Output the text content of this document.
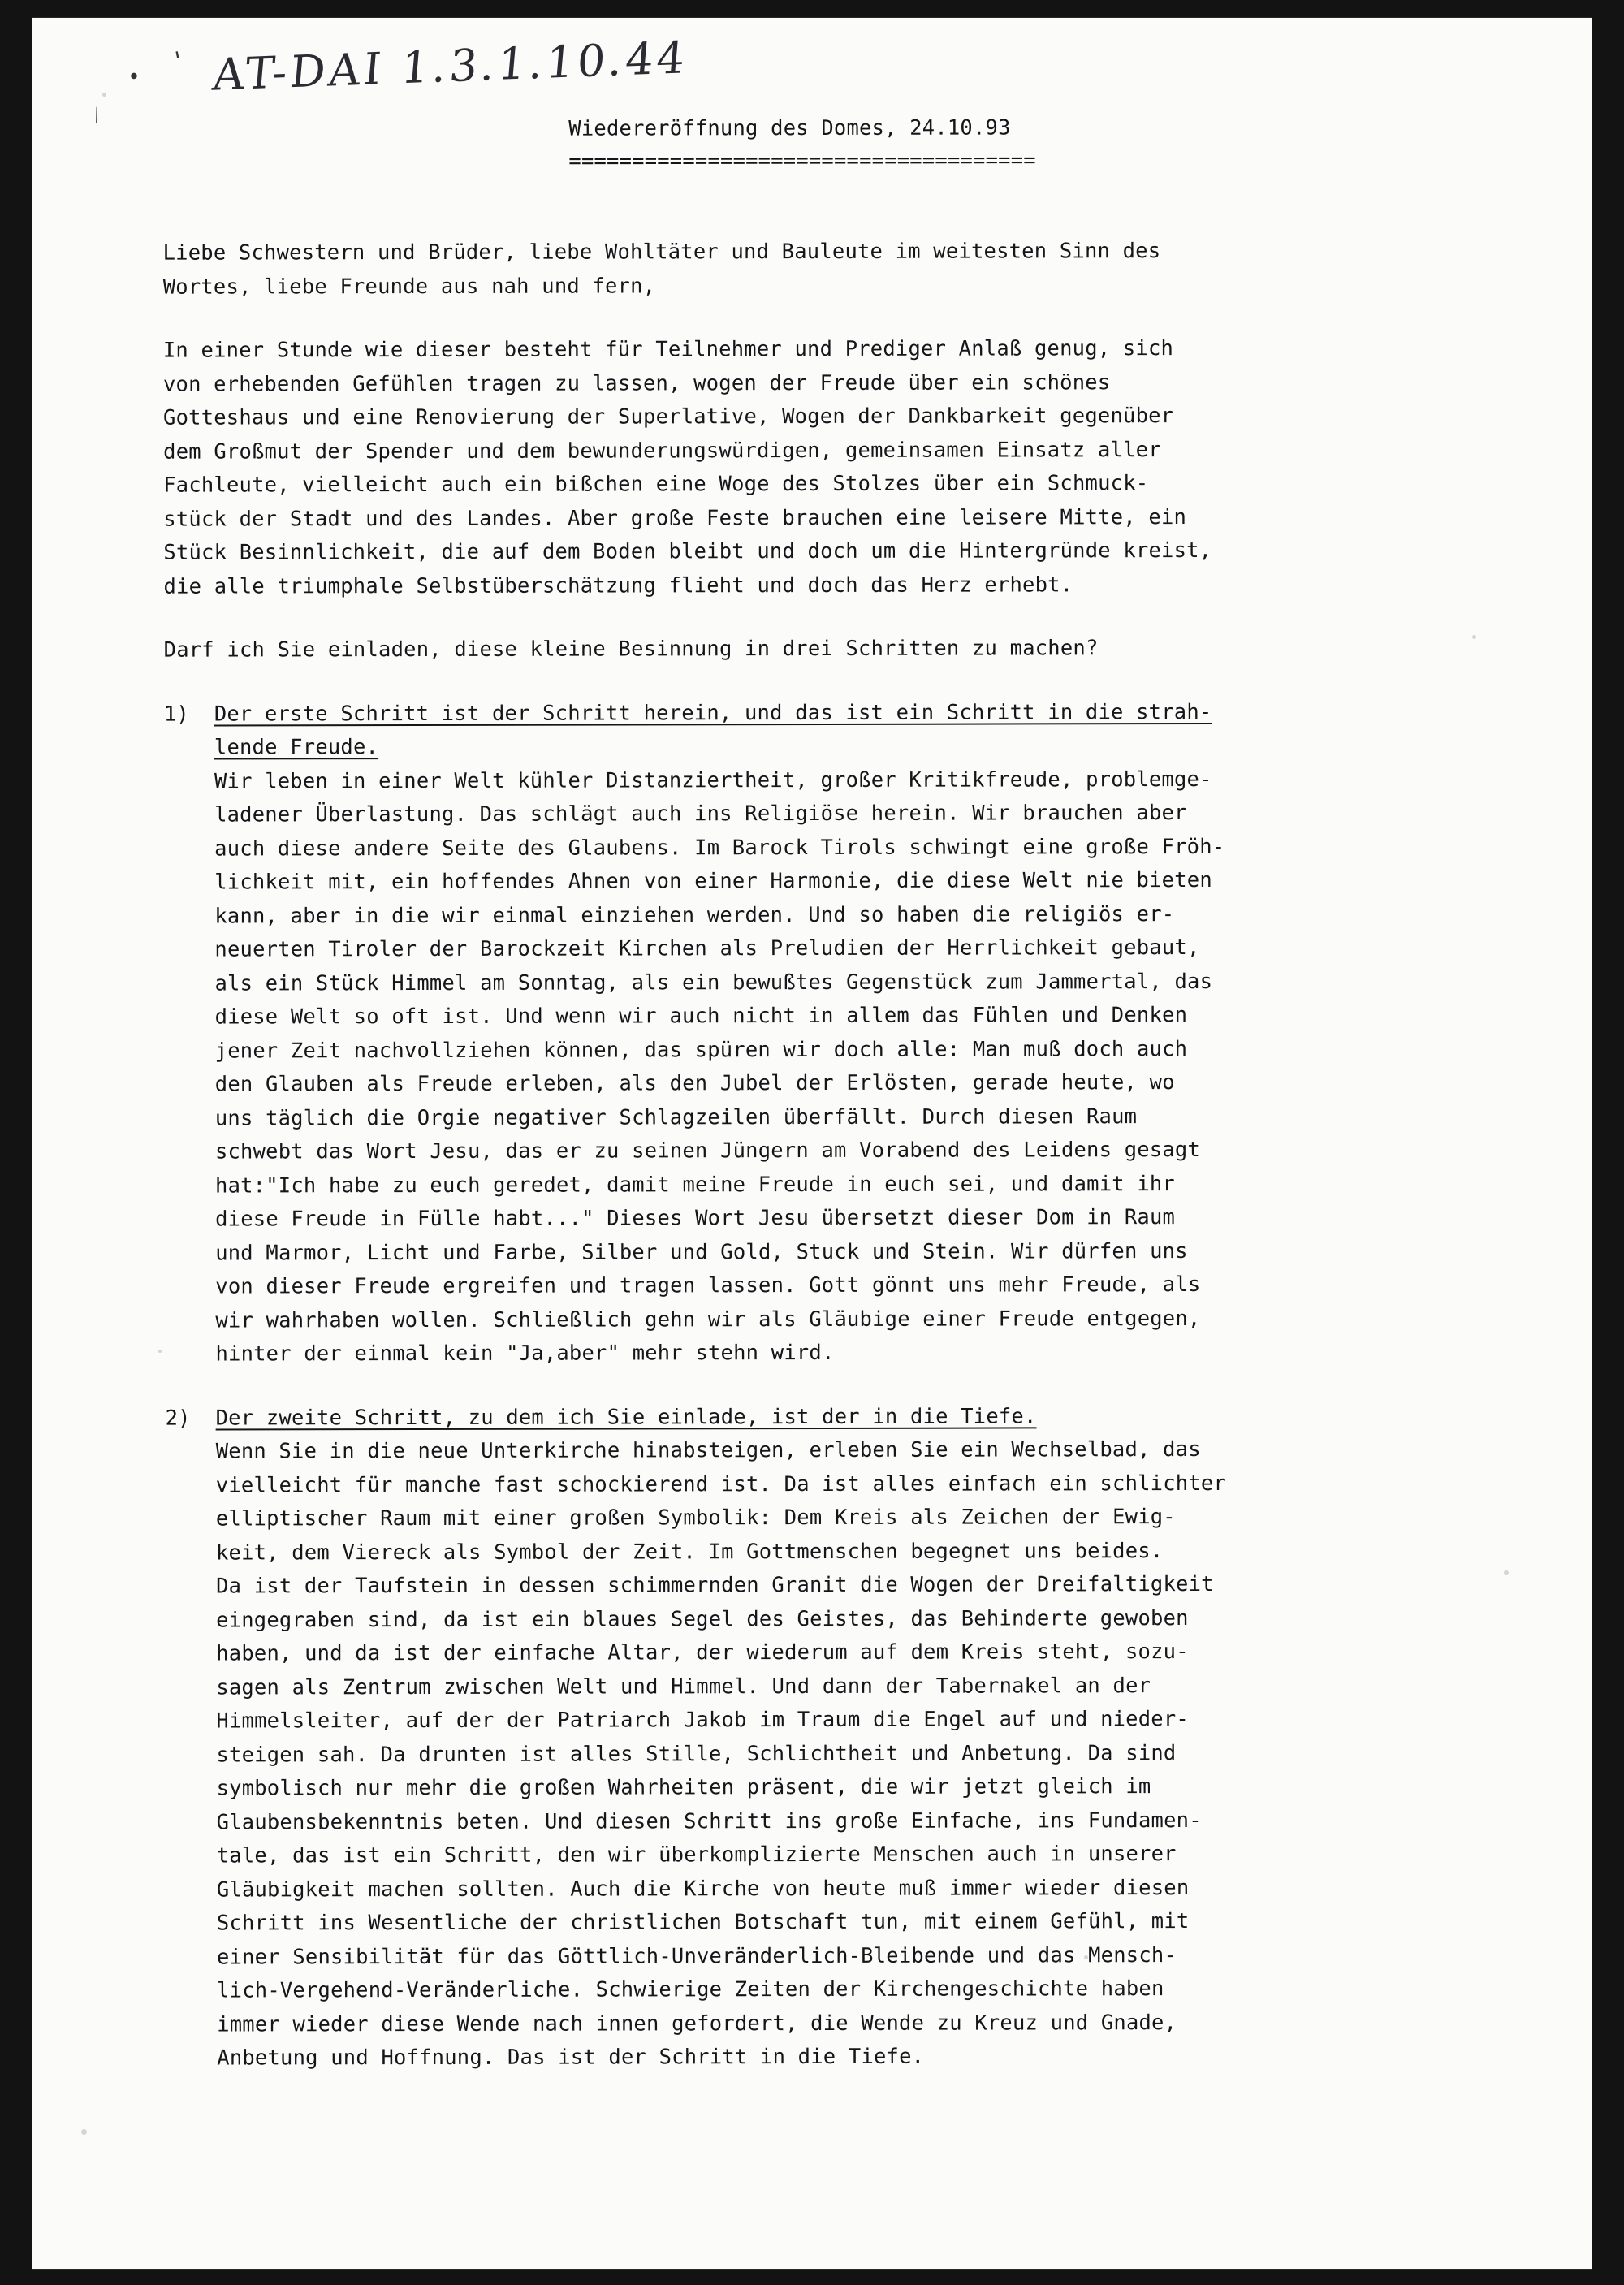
•
'
⁄
AT-DAI 1.3.1.10.44
Wiedereröffnung des Domes, 24.10.93
=====================================

Liebe Schwestern und Brüder, liebe Wohltäter und Bauleute im weitesten Sinn des
Wortes, liebe Freunde aus nah und fern,

In einer Stunde wie dieser besteht für Teilnehmer und Prediger Anlaß genug, sich
von erhebenden Gefühlen tragen zu lassen, wogen der Freude über ein schönes
Gotteshaus und eine Renovierung der Superlative, Wogen der Dankbarkeit gegenüber
dem Großmut der Spender und dem bewunderungswürdigen, gemeinsamen Einsatz aller
Fachleute, vielleicht auch ein bißchen eine Woge des Stolzes über ein Schmuck-
stück der Stadt und des Landes. Aber große Feste brauchen eine leisere Mitte, ein
Stück Besinnlichkeit, die auf dem Boden bleibt und doch um die Hintergründe kreist,
die alle triumphale Selbstüberschätzung flieht und doch das Herz erhebt.

Darf ich Sie einladen, diese kleine Besinnung in drei Schritten zu machen?

1) Der erste Schritt ist der Schritt herein, und das ist ein Schritt in die strah-
lende Freude.
Wir leben in einer Welt kühler Distanziertheit, großer Kritikfreude, problemge-
ladener Überlastung. Das schlägt auch ins Religiöse herein. Wir brauchen aber
auch diese andere Seite des Glaubens. Im Barock Tirols schwingt eine große Fröh-
lichkeit mit, ein hoffendes Ahnen von einer Harmonie, die diese Welt nie bieten
kann, aber in die wir einmal einziehen werden. Und so haben die religiös er-
neuerten Tiroler der Barockzeit Kirchen als Preludien der Herrlichkeit gebaut,
als ein Stück Himmel am Sonntag, als ein bewußtes Gegenstück zum Jammertal, das
diese Welt so oft ist. Und wenn wir auch nicht in allem das Fühlen und Denken
jener Zeit nachvollziehen können, das spüren wir doch alle: Man muß doch auch
den Glauben als Freude erleben, als den Jubel der Erlösten, gerade heute, wo
uns täglich die Orgie negativer Schlagzeilen überfällt. Durch diesen Raum
schwebt das Wort Jesu, das er zu seinen Jüngern am Vorabend des Leidens gesagt
hat:"Ich habe zu euch geredet, damit meine Freude in euch sei, und damit ihr
diese Freude in Fülle habt..." Dieses Wort Jesu übersetzt dieser Dom in Raum
und Marmor, Licht und Farbe, Silber und Gold, Stuck und Stein. Wir dürfen uns
von dieser Freude ergreifen und tragen lassen. Gott gönnt uns mehr Freude, als
wir wahrhaben wollen. Schließlich gehn wir als Gläubige einer Freude entgegen,
hinter der einmal kein "Ja,aber" mehr stehn wird.
2) Der zweite Schritt, zu dem ich Sie einlade, ist der in die Tiefe.
Wenn Sie in die neue Unterkirche hinabsteigen, erleben Sie ein Wechselbad, das
vielleicht für manche fast schockierend ist. Da ist alles einfach ein schlichter
elliptischer Raum mit einer großen Symbolik: Dem Kreis als Zeichen der Ewig-
keit, dem Viereck als Symbol der Zeit. Im Gottmenschen begegnet uns beides.
Da ist der Taufstein in dessen schimmernden Granit die Wogen der Dreifaltigkeit
eingegraben sind, da ist ein blaues Segel des Geistes, das Behinderte gewoben
haben, und da ist der einfache Altar, der wiederum auf dem Kreis steht, sozu-
sagen als Zentrum zwischen Welt und Himmel. Und dann der Tabernakel an der
Himmelsleiter, auf der der Patriarch Jakob im Traum die Engel auf und nieder-
steigen sah. Da drunten ist alles Stille, Schlichtheit und Anbetung. Da sind
symbolisch nur mehr die großen Wahrheiten präsent, die wir jetzt gleich im
Glaubensbekenntnis beten. Und diesen Schritt ins große Einfache, ins Fundamen-
tale, das ist ein Schritt, den wir überkomplizierte Menschen auch in unserer
Gläubigkeit machen sollten. Auch die Kirche von heute muß immer wieder diesen
Schritt ins Wesentliche der christlichen Botschaft tun, mit einem Gefühl, mit
einer Sensibilität für das Göttlich-Unveränderlich-Bleibende und das Mensch-
lich-Vergehend-Veränderliche. Schwierige Zeiten der Kirchengeschichte haben
immer wieder diese Wende nach innen gefordert, die Wende zu Kreuz und Gnade,
Anbetung und Hoffnung. Das ist der Schritt in die Tiefe.
